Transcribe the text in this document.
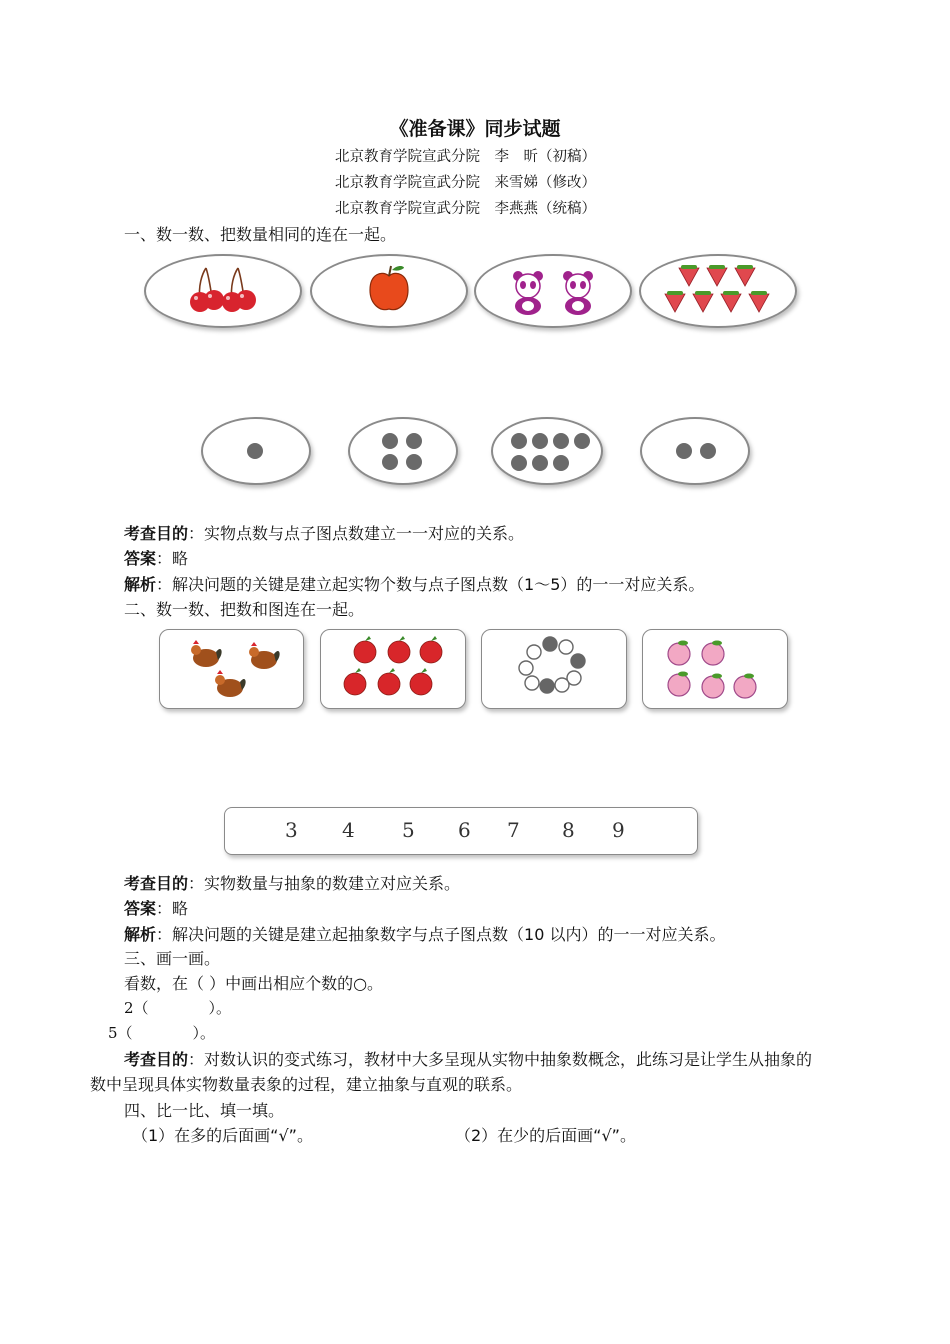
《准备课》同步试题
北京教育学院宣武分院　李　昕（初稿）
北京教育学院宣武分院　来雪娣（修改）
北京教育学院宣武分院　李燕燕（统稿）
一、数一数、把数量相同的连在一起。
考查目的：实物点数与点子图点数建立一一对应的关系。
答案：略
解析：解决问题的关键是建立起实物个数与点子图点数（1～5）的一一对应关系。
二、数一数、把数和图连在一起。
3 4 5 6 7 8 9
考查目的：实物数量与抽象的数建立对应关系。
答案：略
解析：解决问题的关键是建立起抽象数字与点子图点数（10 以内）的一一对应关系。
三、画一画。
看数，在（ ）中画出相应个数的○。
2（　　　　）。
5（　　　　）。
考查目的：对数认识的变式练习，教材中大多呈现从实物中抽象数概念，此练习是让学生从抽象的
数中呈现具体实物数量表象的过程，建立抽象与直观的联系。
四、比一比、填一填。
（1）在多的后面画“√”。	（2）在少的后面画“√”。
